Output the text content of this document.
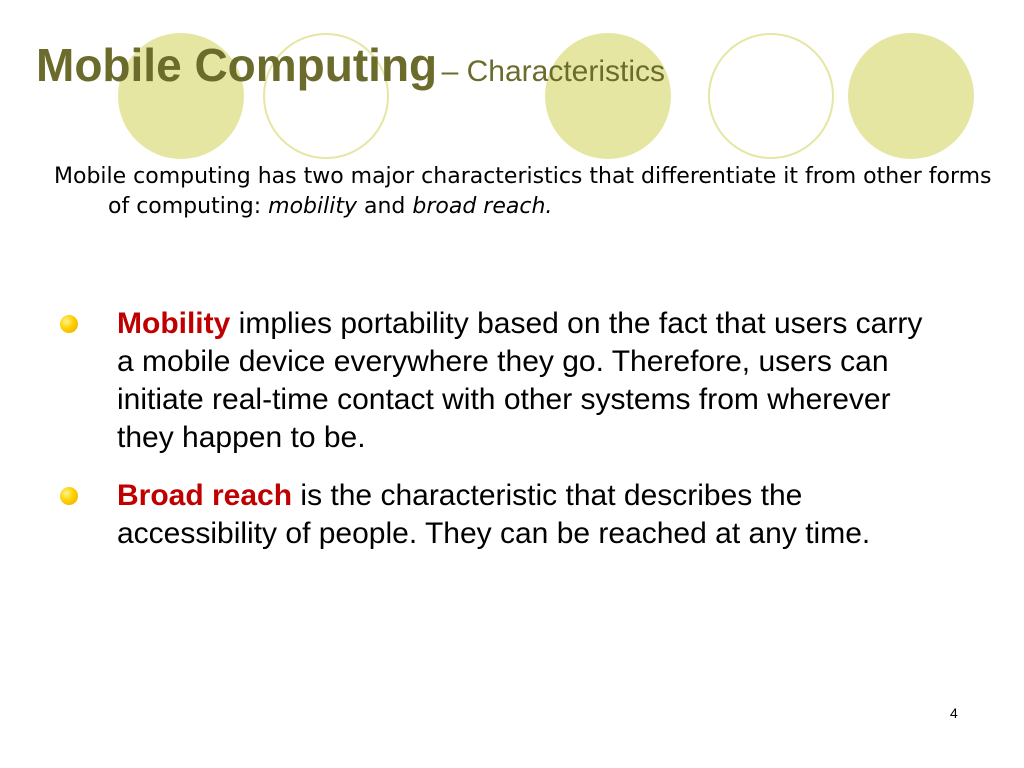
Mobile Computing – Characteristics
Mobile computing has two major characteristics that differentiate it from other forms of computing: mobility and broad reach.
Mobility implies portability based on the fact that users carry a mobile device everywhere they go. Therefore, users can initiate real-time contact with other systems from wherever they happen to be.
Broad reach is the characteristic that describes the accessibility of people. They can be reached at any time.
4
